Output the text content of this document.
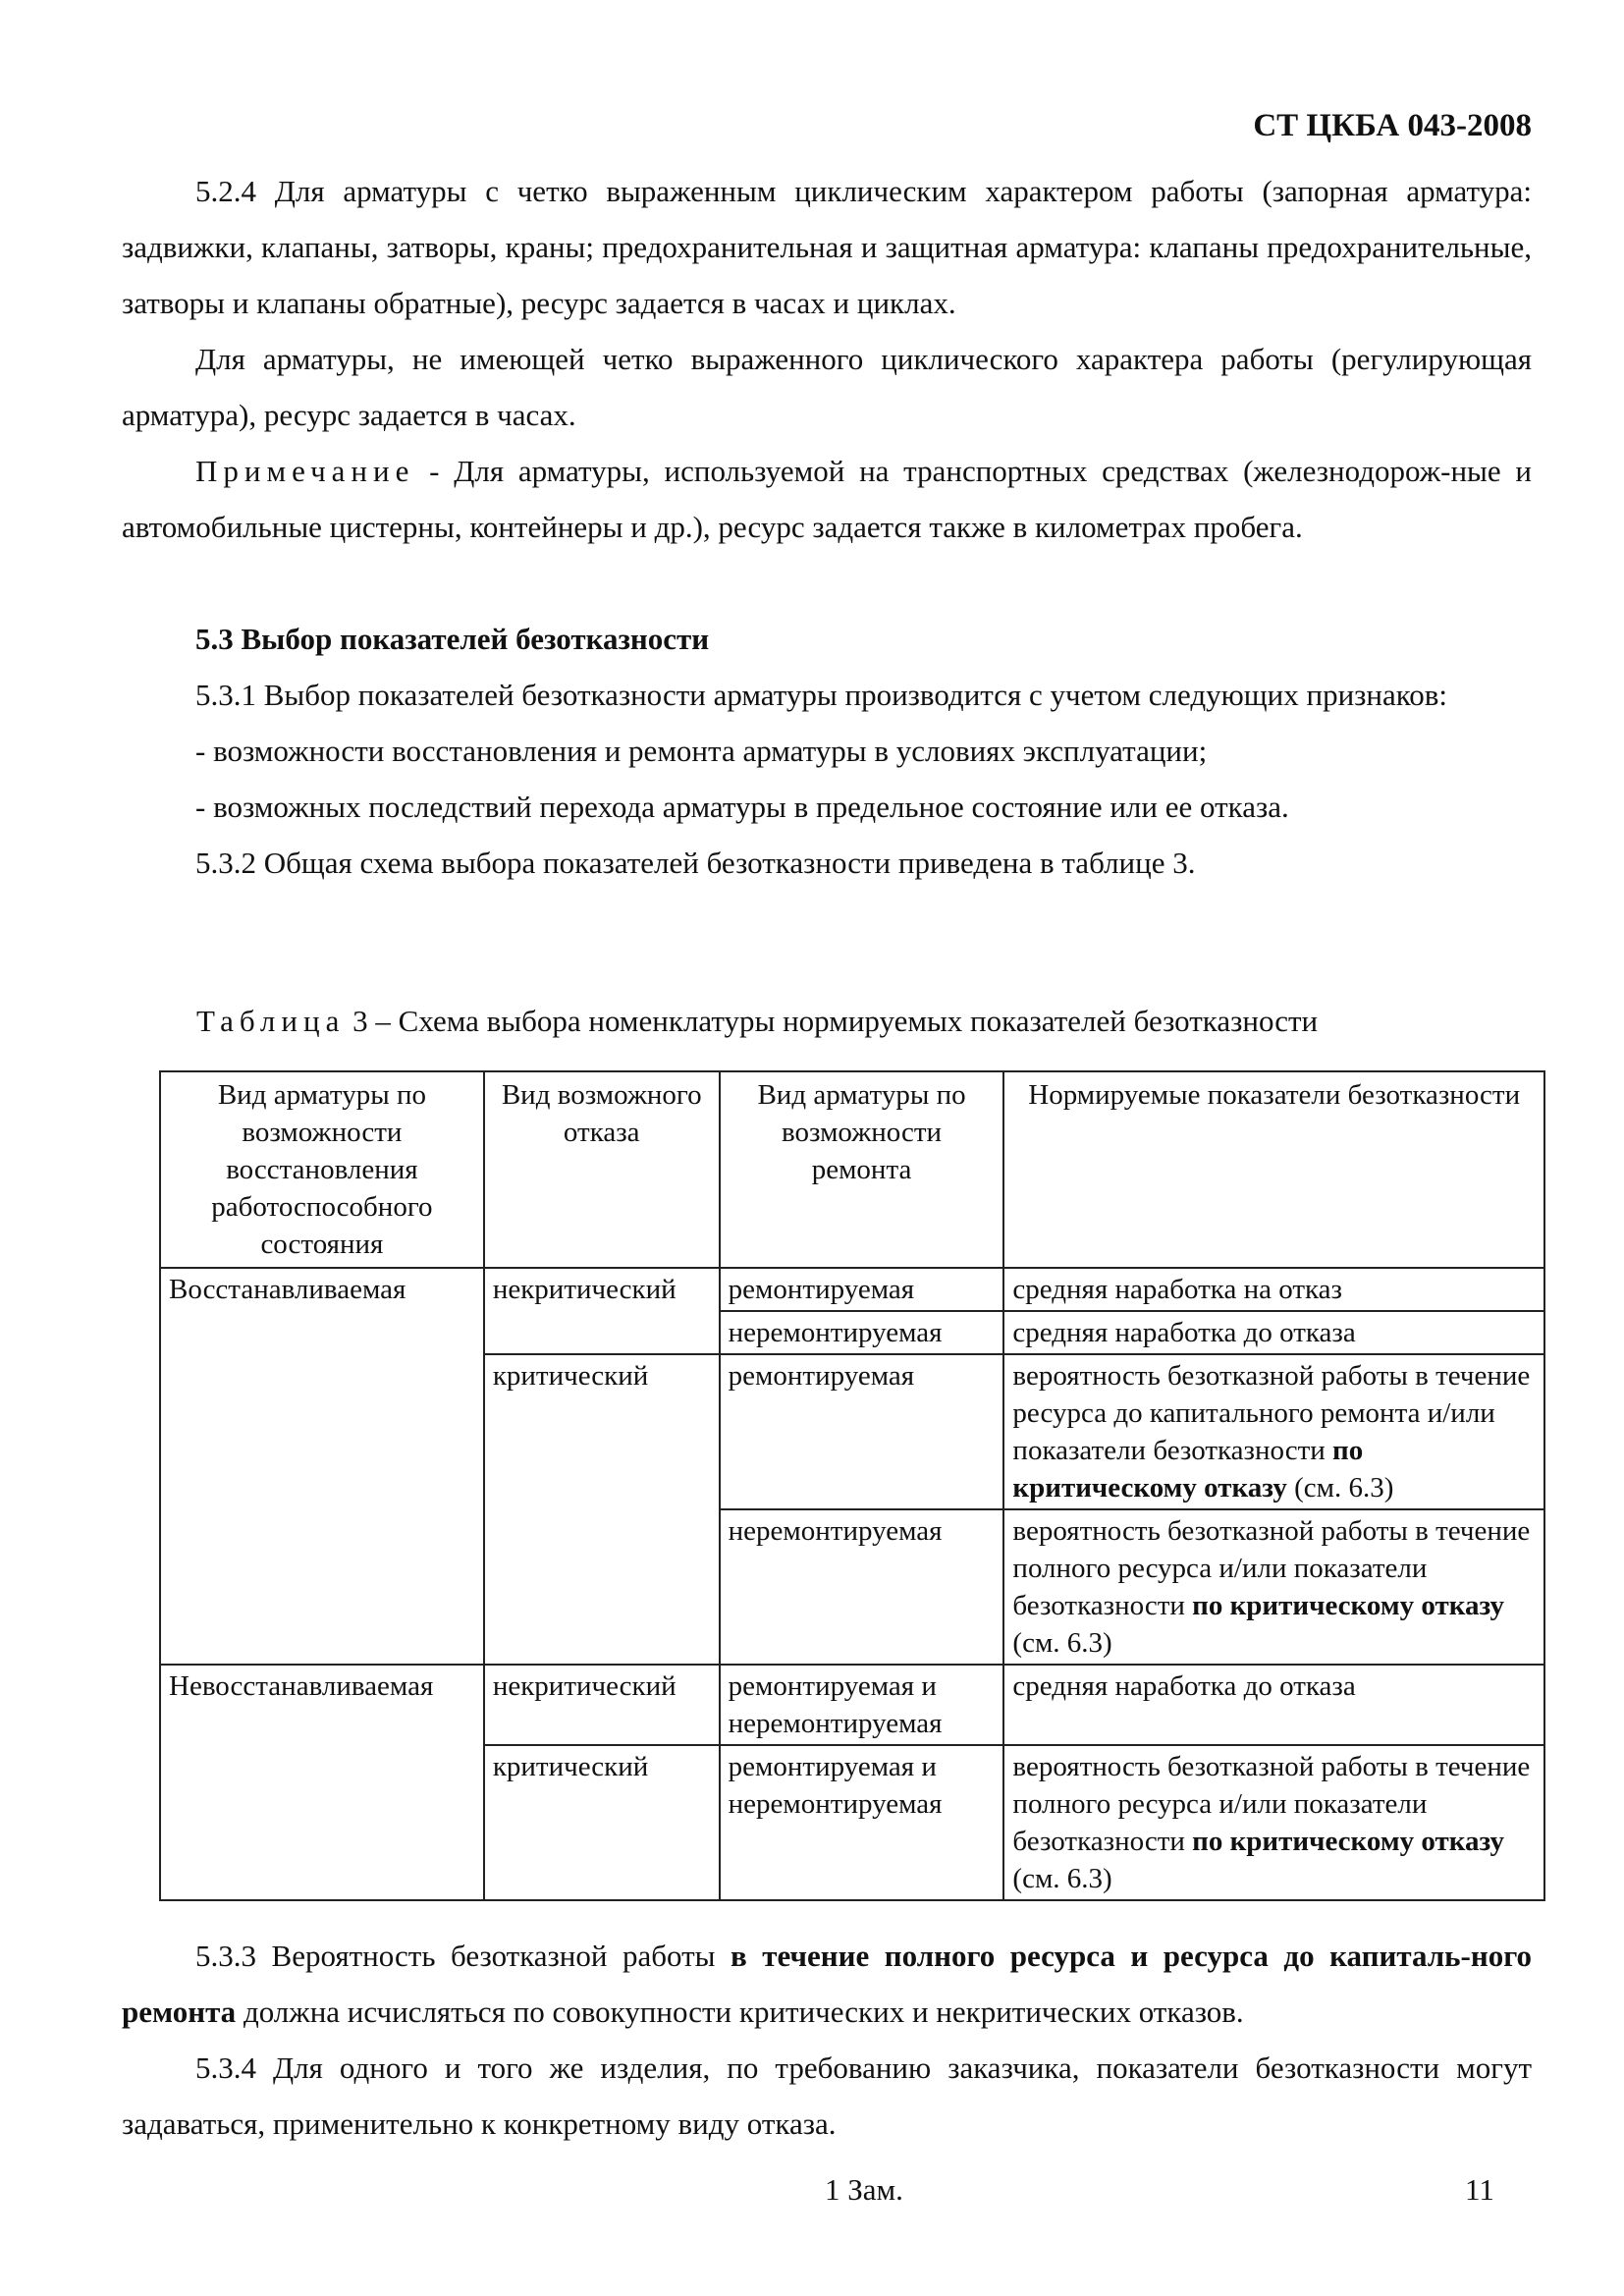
СТ ЦКБА 043-2008

5.2.4 Для арматуры с четко выраженным циклическим характером работы (запорная арматура: задвижки, клапаны, затворы, краны; предохранительная и защитная арматура: клапаны предохранительные, затворы и клапаны обратные), ресурс задается в часах и циклах.

Для арматуры, не имеющей четко выраженного циклического характера работы (регулирующая арматура), ресурс задается в часах.

Примечание - Для арматуры, используемой на транспортных средствах (железнодорож-ные и автомобильные цистерны, контейнеры и др.), ресурс задается также в километрах пробега.

5.3 Выбор показателей безотказности

5.3.1 Выбор показателей безотказности арматуры производится с учетом следующих признаков:

- возможности восстановления и ремонта арматуры в условиях эксплуатации;

- возможных последствий перехода арматуры в предельное состояние или ее отказа.

5.3.2 Общая схема выбора показателей безотказности приведена в таблице 3.

Таблица 3 – Схема выбора номенклатуры нормируемых показателей безотказности
Вид арматуры по возможности восстановления работоспособного состояния	Вид возможного отказа	Вид арматуры по возможности ремонта	Нормируемые показатели безотказности
Восстанавливаемая	некритический	ремонтируемая	средняя наработка на отказ
		неремонтируемая	средняя наработка до отказа
	критический	ремонтируемая	вероятность безотказной работы в течение ресурса до капитального ремонта и/или показатели безотказности по критическому отказу (см. 6.3)
		неремонтируемая	вероятность безотказной работы в течение полного ресурса и/или показатели безотказности по критическому отказу (см. 6.3)
Невосстанавливаемая	некритический	ремонтируемая и неремонтируемая	средняя наработка до отказа
	критический	ремонтируемая и неремонтируемая	вероятность безотказной работы в течение полного ресурса и/или показатели безотказности по критическому отказу (см. 6.3)

5.3.3 Вероятность безотказной работы в течение полного ресурса и ресурса до капиталь-ного ремонта должна исчисляться по совокупности критических и некритических отказов.

5.3.4 Для одного и того же изделия, по требованию заказчика, показатели безотказности могут задаваться, применительно к конкретному виду отказа.

1 Зам.	11
